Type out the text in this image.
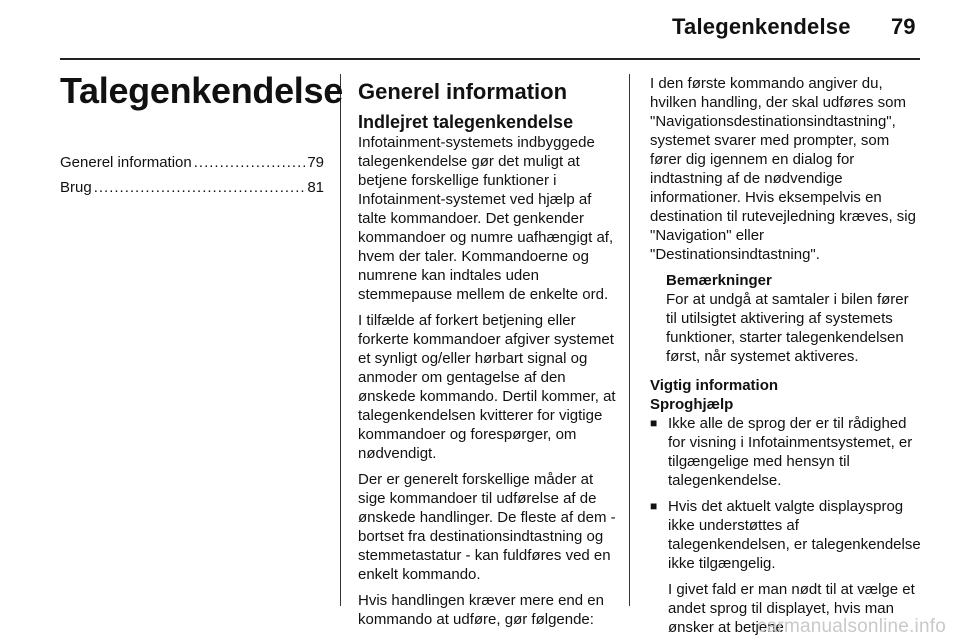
Talegenkendelse 79
Talegenkendelse
Generel information .....	79
Brug .....	81
Generel information
Indlejret talegenkendelse

Infotainment-systemets indbyggede talegenkendelse gør det muligt at betjene forskellige funktioner i Infotainment-systemet ved hjælp af talte kommandoer. Det genkender kommandoer og numre uafhængigt af, hvem der taler. Kommandoerne og numrene kan indtales uden stemmepause mellem de enkelte ord.

I tilfælde af forkert betjening eller forkerte kommandoer afgiver systemet et synligt og/eller hørbart signal og anmoder om gentagelse af den ønskede kommando. Dertil kommer, at talegenkendelsen kvitterer for vigtige kommandoer og forespørger, om nødvendigt.

Der er generelt forskellige måder at sige kommandoer til udførelse af de ønskede handlinger. De fleste af dem - bortset fra destinationsindtastning og stemmetastatur - kan fuldføres ved en enkelt kommando.

Hvis handlingen kræver mere end en kommando at udføre, gør følgende:

I den første kommando angiver du, hvilken handling, der skal udføres som "Navigationsdestinationsindtastning", systemet svarer med prompter, som fører dig igennem en dialog for indtastning af de nødvendige informationer. Hvis eksempelvis en destination til rutevejledning kræves, sig "Navigation" eller "Destinationsindtastning".

Bemærkninger
For at undgå at samtaler i bilen fører til utilsigtet aktivering af systemets funktioner, starter talegenkendelsen først, når systemet aktiveres.
Vigtig information
Sproghjælp
■ Ikke alle de sprog der er til rådighed for visning i Infotainmentsystemet, er tilgængelige med hensyn til talegenkendelse.
■ Hvis det aktuelt valgte displaysprog ikke understøttes af talegenkendelsen, er talegenkendelse ikke tilgængelig.
I givet fald er man nødt til at vælge et andet sprog til displayet, hvis man ønsker at betjene
carmanualsonline.info
